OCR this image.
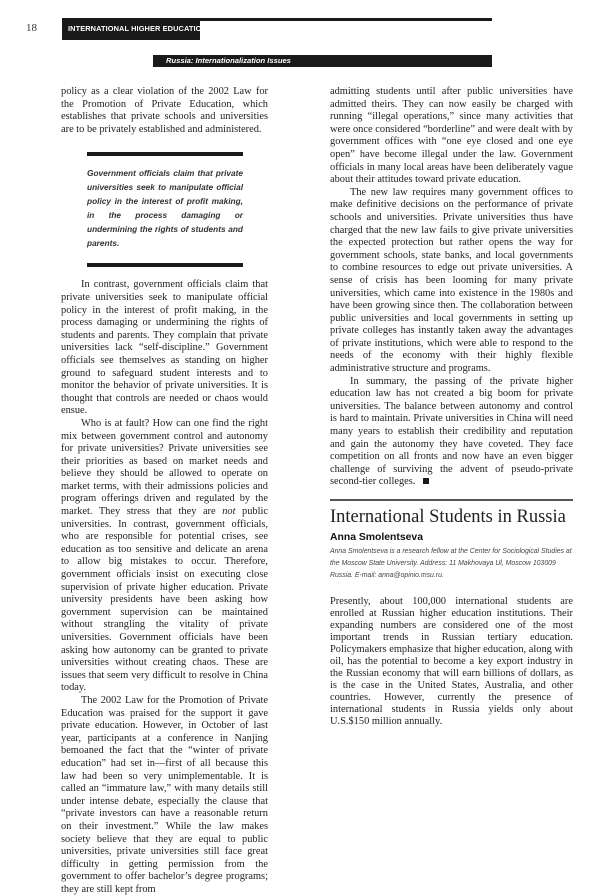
18	INTERNATIONAL HIGHER EDUCATION
Russia: Internationalization Issues

policy as a clear violation of the 2002 Law for the Promotion of Private Education, which establishes that private schools and universities are to be privately established and administered.

Government officials claim that private universities seek to manipulate official policy in the interest of profit making, in the process damaging or undermining the rights of students and parents.

In contrast, government officials claim that private universities seek to manipulate official policy in the interest of profit making, in the process damaging or undermining the rights of students and parents. They complain that private universities lack “self-discipline.” Government officials see themselves as standing on higher ground to safeguard student interests and to monitor the behavior of private universities. It is thought that controls are needed or chaos would ensue.

Who is at fault? How can one find the right mix between government control and autonomy for private universities? Private universities see their priorities as based on market needs and believe they should be allowed to operate on market terms, with their admissions policies and program offerings driven and regulated by the market. They stress that they are not public universities. In contrast, government officials, who are responsible for potential crises, see education as too sensitive and delicate an arena to allow big mistakes to occur. Therefore, government officials insist on executing close supervision of private higher education. Private university presidents have been asking how government supervision can be maintained without strangling the vitality of private universities. Government officials have been asking how autonomy can be granted to private universities without creating chaos. These are issues that seem very difficult to resolve in China today.

The 2002 Law for the Promotion of Private Education was praised for the support it gave private education. However, in October of last year, participants at a conference in Nanjing bemoaned the fact that the “winter of private education” had set in—first of all because this law had been so very unimplementable. It is called an “immature law,” with many details still under intense debate, especially the clause that “private investors can have a reasonable return on their investment.” While the law makes society believe that they are equal to public universities, private universities still face great difficulty in getting permission from the government to offer bachelor’s degree programs; they are still kept from

admitting students until after public universities have admitted theirs. They can now easily be charged with running “illegal operations,” since many activities that were once considered “borderline” and were dealt with by government offices with “one eye closed and one eye open” have become illegal under the law. Government officials in many local areas have been deliberately vague about their attitudes toward private education.

The new law requires many government offices to make definitive decisions on the performance of private schools and universities. Private universities thus have charged that the new law fails to give private universities the expected protection but rather opens the way for government schools, state banks, and local governments to combine resources to edge out private universities. A sense of crisis has been looming for many private universities, which came into existence in the 1980s and have been growing since then. The collaboration between public universities and local governments in setting up private colleges has instantly taken away the advantages of private institutions, which were able to respond to the needs of the economy with their highly flexible administrative structure and programs.

In summary, the passing of the private higher education law has not created a big boom for private universities. The balance between autonomy and control is hard to maintain. Private universities in China will need many years to establish their credibility and reputation and gain the autonomy they have coveted. They face competition on all fronts and now have an even bigger challenge of surviving the advent of pseudo-private second-tier colleges.

International Students in Russia
Anna Smolentseva
Anna Smolentseva is a research fellow at the Center for Sociological Studies at the Moscow State University. Address: 11 Makhovaya Ul, Moscow 103009 Russia. E-mail: anna@opinio.msu.ru.

Presently, about 100,000 international students are enrolled at Russian higher education institutions. Their expanding numbers are considered one of the most important trends in Russian tertiary education. Policymakers emphasize that higher education, along with oil, has the potential to become a key export industry in the Russian economy that will earn billions of dollars, as is the case in the United States, Australia, and other countries. However, currently the presence of international students in Russia yields only about U.S.$150 million annually.
